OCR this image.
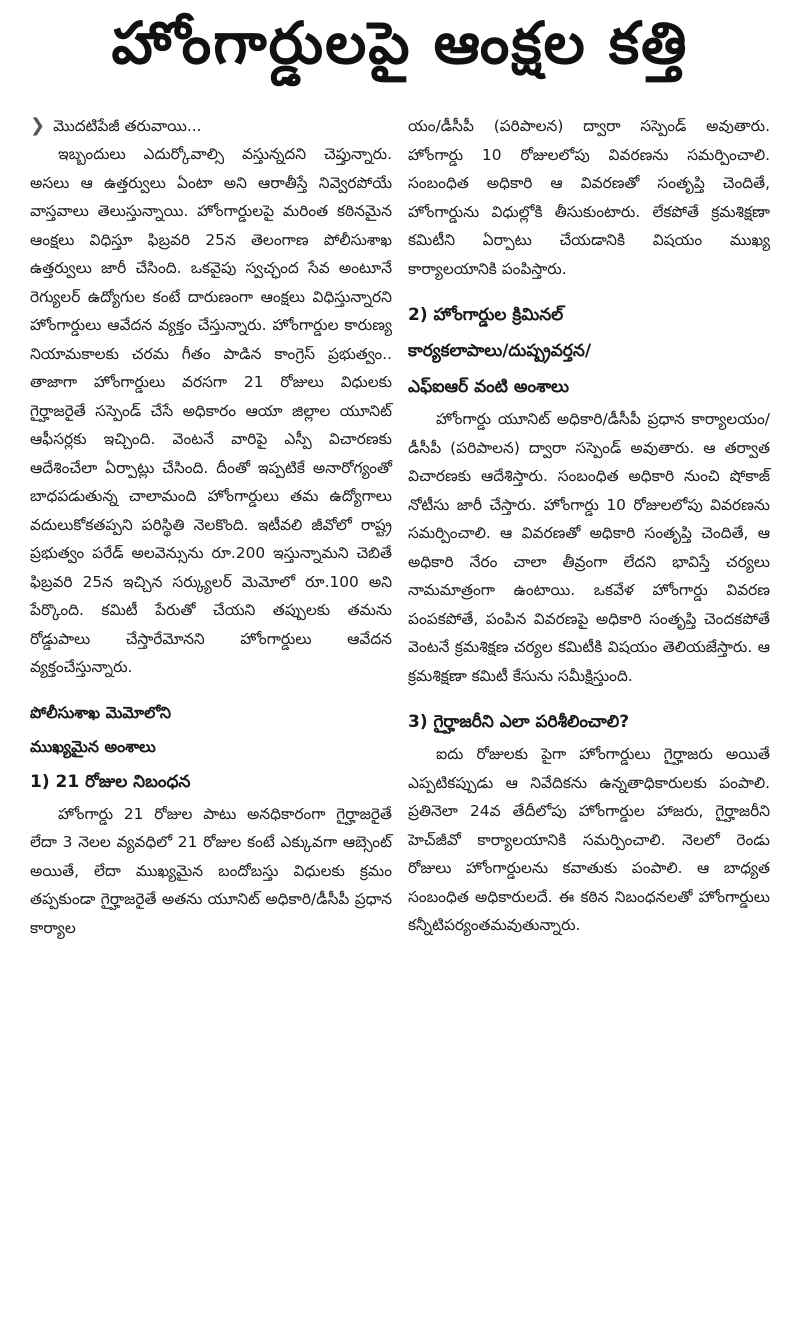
హోంగార్డులపై ఆంక్షల కత్తి
❯ మొదటిపేజీ తరువాయి...

ఇబ్బందులు ఎదుర్కోవాల్సి వస్తున్నదని చెప్తున్నారు. అసలు ఆ ఉత్తర్వులు ఏంటా అని ఆరాతీస్తే నివ్వెరపోయే వాస్తవాలు తెలుస్తున్నాయి. హోంగార్డులపై మరింత కఠినమైన ఆంక్షలు విధిస్తూ ఫిబ్రవరి 25న తెలంగాణ పోలీసుశాఖ ఉత్తర్వులు జారీ చేసింది. ఒకవైపు స్వచ్ఛంద సేవ అంటూనే రెగ్యులర్ ఉద్యోగుల కంటే దారుణంగా ఆంక్షలు విధిస్తున్నారని హోంగార్డులు ఆవేదన వ్యక్తం చేస్తున్నారు. హోంగార్డుల కారుణ్య నియామకాలకు చరమ గీతం పాడిన కాంగ్రెస్ ప్రభుత్వం.. తాజాగా హోంగార్డులు వరసగా 21 రోజులు విధులకు గైర్హాజరైతే సస్పెండ్ చేసే అధికారం ఆయా జిల్లాల యూనిట్ ఆఫీసర్లకు ఇచ్చింది. వెంటనే వారిపై ఎస్పీ విచారణకు ఆదేశించేలా ఏర్పాట్లు చేసింది. దీంతో ఇప్పటికే అనారోగ్యంతో బాధపడుతున్న చాలామంది హోంగార్డులు తమ ఉద్యోగాలు వదులుకోకతప్పని పరిస్థితి నెలకొంది. ఇటీవలి జీవోలో రాష్ట్ర ప్రభుత్వం పరేడ్ అలవెన్సును రూ.200 ఇస్తున్నామని చెబితే ఫిబ్రవరి 25న ఇచ్చిన సర్క్యులర్ మెమోలో రూ.100 అని పేర్కొంది. కమిటీ పేరుతో చేయని తప్పులకు తమను రోడ్డుపాలు చేస్తారేమోనని హోంగార్డులు ఆవేదన వ్యక్తంచేస్తున్నారు.

పోలీసుశాఖ మెమోలోని
ముఖ్యమైన అంశాలు
1) 21 రోజుల నిబంధన

హోంగార్డు 21 రోజుల పాటు అనధికారంగా గైర్హాజరైతే లేదా 3 నెలల వ్యవధిలో 21 రోజుల కంటే ఎక్కువగా ఆబ్సెంట్ అయితే, లేదా ముఖ్యమైన బందోబస్తు విధులకు క్రమం తప్పకుండా గైర్హాజరైతే అతను యూనిట్ అధికారి/డీసీపీ ప్రధాన కార్యాల

యం/డీసీపీ (పరిపాలన) ద్వారా సస్పెండ్ అవుతారు. హోంగార్డు 10 రోజులలోపు వివరణను సమర్పించాలి. సంబంధిత అధికారి ఆ వివరణతో సంతృప్తి చెందితే, హోంగార్డును విధుల్లోకి తీసుకుంటారు. లేకపోతే క్రమశిక్షణా కమిటీని ఏర్పాటు చేయడానికి విషయం ముఖ్య కార్యాలయానికి పంపిస్తారు.

2) హోంగార్డుల క్రిమినల్
కార్యకలాపాలు/దుష్ప్రవర్తన/
ఎఫ్ఐఆర్ వంటి అంశాలు

హోంగార్డు యూనిట్ అధికారి/డీసీపీ ప్రధాన కార్యాలయం/డీసీపీ (పరిపాలన) ద్వారా సస్పెండ్ అవుతారు. ఆ తర్వాత విచారణకు ఆదేశిస్తారు. సంబంధిత అధికారి నుంచి షోకాజ్ నోటీసు జారీ చేస్తారు. హోంగార్డు 10 రోజులలోపు వివరణను సమర్పించాలి. ఆ వివరణతో అధికారి సంతృప్తి చెందితే, ఆ అధికారి నేరం చాలా తీవ్రంగా లేదని భావిస్తే చర్యలు నామమాత్రంగా ఉంటాయి. ఒకవేళ హోంగార్డు వివరణ పంపకపోతే, పంపిన వివరణపై అధికారి సంతృప్తి చెందకపోతే వెంటనే క్రమశిక్షణ చర్యల కమిటీకి విషయం తెలియజేస్తారు. ఆ క్రమశిక్షణా కమిటీ కేసును సమీక్షిస్తుంది.

3) గైర్హాజరీని ఎలా పరిశీలించాలి?

ఐదు రోజులకు పైగా హోంగార్డులు గైర్హాజరు అయితే ఎప్పటికప్పుడు ఆ నివేదికను ఉన్నతాధికారులకు పంపాలి. ప్రతినెలా 24వ తేదీలోపు హోంగార్డుల హాజరు, గైర్హాజరీని హెచ్‌జీవో కార్యాలయానికి సమర్పించాలి. నెలలో రెండు రోజులు హోంగార్డులను కవాతుకు పంపాలి. ఆ బాధ్యత సంబంధిత అధికారులదే. ఈ కఠిన నిబంధనలతో హోంగార్డులు కన్నీటిపర్యంతమవుతున్నారు.
